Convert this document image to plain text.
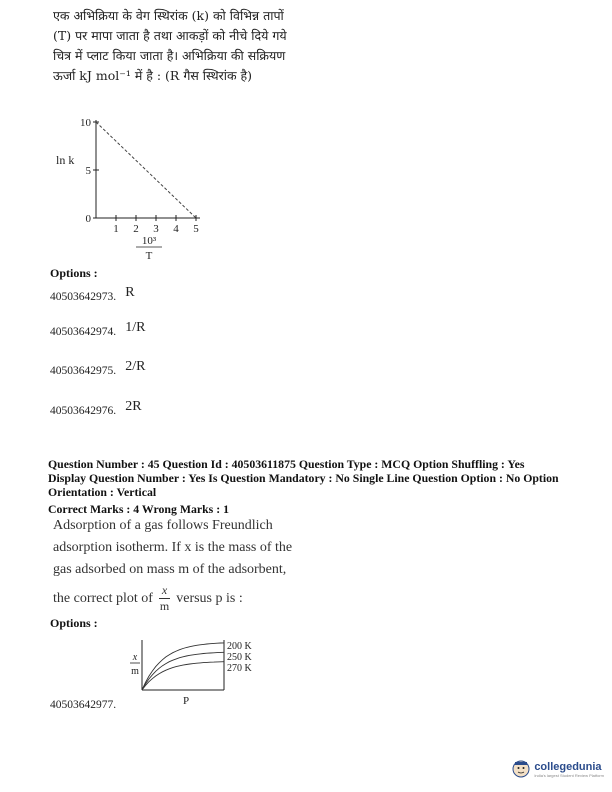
एक अभिक्रिया के वेग स्थिरांक (k) को विभिन्न तापों
(T) पर मापा जाता है तथा आकड़ों को नीचे दिये गये
चित्र में प्लाट किया जाता है। अभिक्रिया की सक्रियण
ऊर्जा kJ mol⁻¹ में है : (R गैस स्थिरांक है)
1 2 3 4 5
0
5
10
ln k
10³
T
Options :
40503642973. R
40503642974. 1/R
40503642975. 2/R
40503642976. 2R
Question Number : 45 Question Id : 40503611875 Question Type : MCQ Option Shuffling : Yes
Display Question Number : Yes Is Question Mandatory : No Single Line Question Option : No Option
Orientation : Vertical
Correct Marks : 4 Wrong Marks : 1
Adsorption of a gas follows Freundlich
adsorption isotherm. If x is the mass of the
gas adsorbed on mass m of the adsorbent,
the correct plot of $\frac{x}{m}$ versus p is :
Options :
x
m
P
200 K
250 K
270 K
40503642977.
collegedunia
India's largest Student Review Platform
